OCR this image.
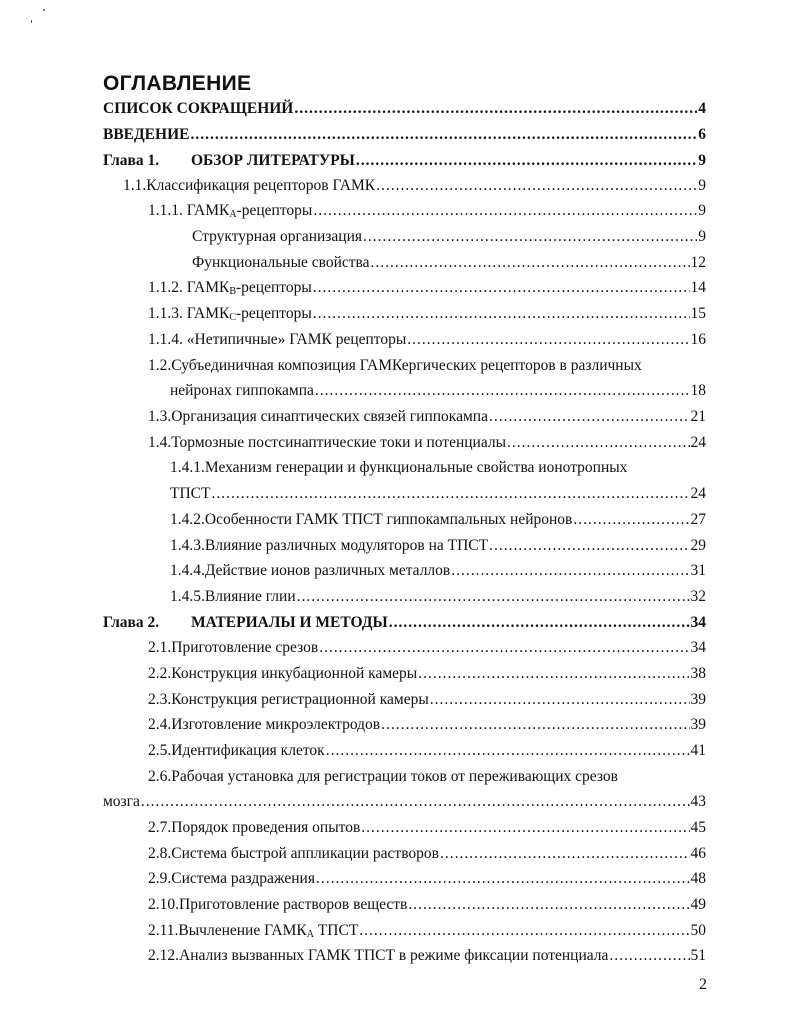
ОГЛАВЛЕНИЕ
СПИСОК СОКРАЩЕНИЙ .....	4
ВВЕДЕНИЕ .....	6
Глава 1. ОБЗОР ЛИТЕРАТУРЫ .....	9
1.1.Классификация рецепторов ГАМК .....	9
1.1.1. $ГАМК_А$-рецепторы .....	9
Структурная организация .....	9
Функциональные свойства .....	12
1.1.2. $ГАМК_B$-рецепторы .....	14
1.1.3. $ГАМК_C$-рецепторы .....	15
1.1.4. «Нетипичные» ГАМК рецепторы .....	16
1.2.Субъединичная композиция ГАМКергических рецепторов в различных
нейронах гиппокампа .....	18
1.3.Организация синаптических связей гиппокампа .....	21
1.4.Тормозные постсинаптические токи и потенциалы .....	24
1.4.1.Механизм генерации и функциональные свойства ионотропных
ТПСТ .....	24
1.4.2.Особенности ГАМК ТПСТ гиппокампальных нейронов .....	27
1.4.3.Влияние различных модуляторов на ТПСТ .....	29
1.4.4.Действие ионов различных металлов .....	31
1.4.5.Влияние глии .....	32
Глава 2. МАТЕРИАЛЫ И МЕТОДЫ .....	34
2.1.Приготовление срезов .....	34
2.2.Конструкция инкубационной камеры .....	38
2.3.Конструкция регистрационной камеры .....	39
2.4.Изготовление микроэлектродов .....	39
2.5.Идентификация клеток .....	41
2.6.Рабочая установка для регистрации токов от переживающих срезов
мозга .....	43
2.7.Порядок проведения опытов .....	45
2.8.Система быстрой аппликации растворов .....	46
2.9.Система раздражения .....	48
2.10.Приготовление растворов веществ .....	49
2.11.Вычленение $ГАМК_А$ ТПСТ .....	50
2.12.Анализ вызванных ГАМК ТПСТ в режиме фиксации потенциала .....	51
2
